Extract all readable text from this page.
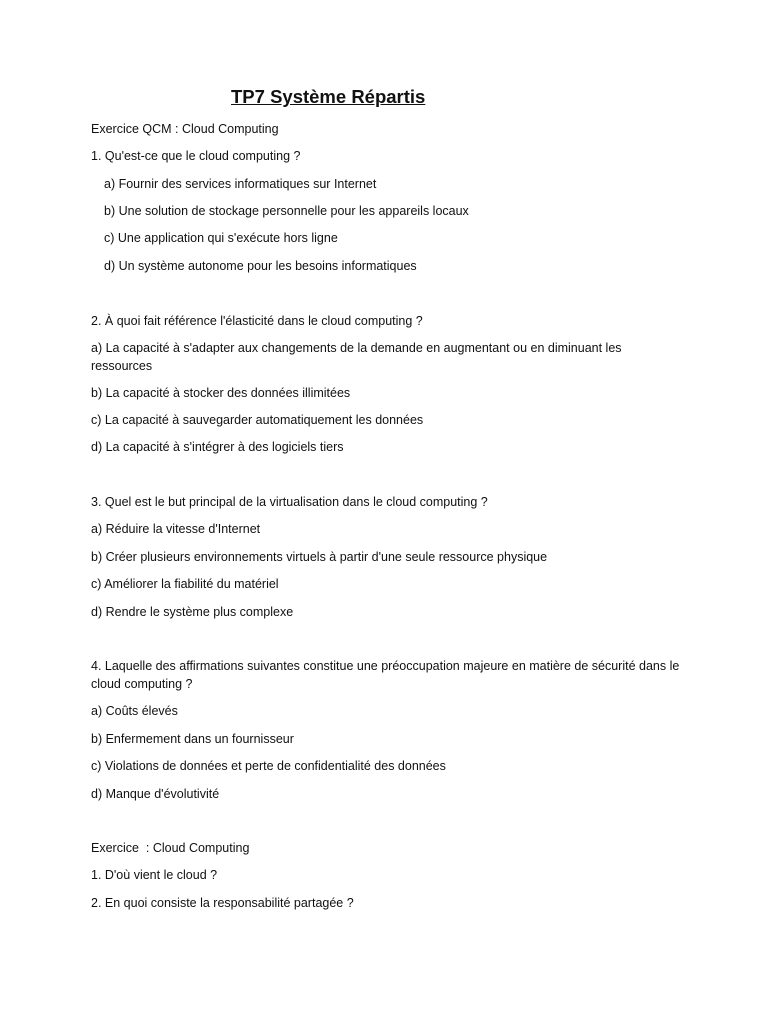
TP7 Système Répartis
Exercice QCM : Cloud Computing
1. Qu'est-ce que le cloud computing ?
a) Fournir des services informatiques sur Internet
b) Une solution de stockage personnelle pour les appareils locaux
c) Une application qui s'exécute hors ligne
d) Un système autonome pour les besoins informatiques
2. À quoi fait référence l'élasticité dans le cloud computing ?
a) La capacité à s'adapter aux changements de la demande en augmentant ou en diminuant les ressources
b) La capacité à stocker des données illimitées
c) La capacité à sauvegarder automatiquement les données
d) La capacité à s'intégrer à des logiciels tiers
3. Quel est le but principal de la virtualisation dans le cloud computing ?
a) Réduire la vitesse d'Internet
b) Créer plusieurs environnements virtuels à partir d'une seule ressource physique
c) Améliorer la fiabilité du matériel
d) Rendre le système plus complexe
4. Laquelle des affirmations suivantes constitue une préoccupation majeure en matière de sécurité dans le cloud computing ?
a) Coûts élevés
b) Enfermement dans un fournisseur
c) Violations de données et perte de confidentialité des données
d) Manque d'évolutivité
Exercice  : Cloud Computing
1. D'où vient le cloud ?
2. En quoi consiste la responsabilité partagée ?
